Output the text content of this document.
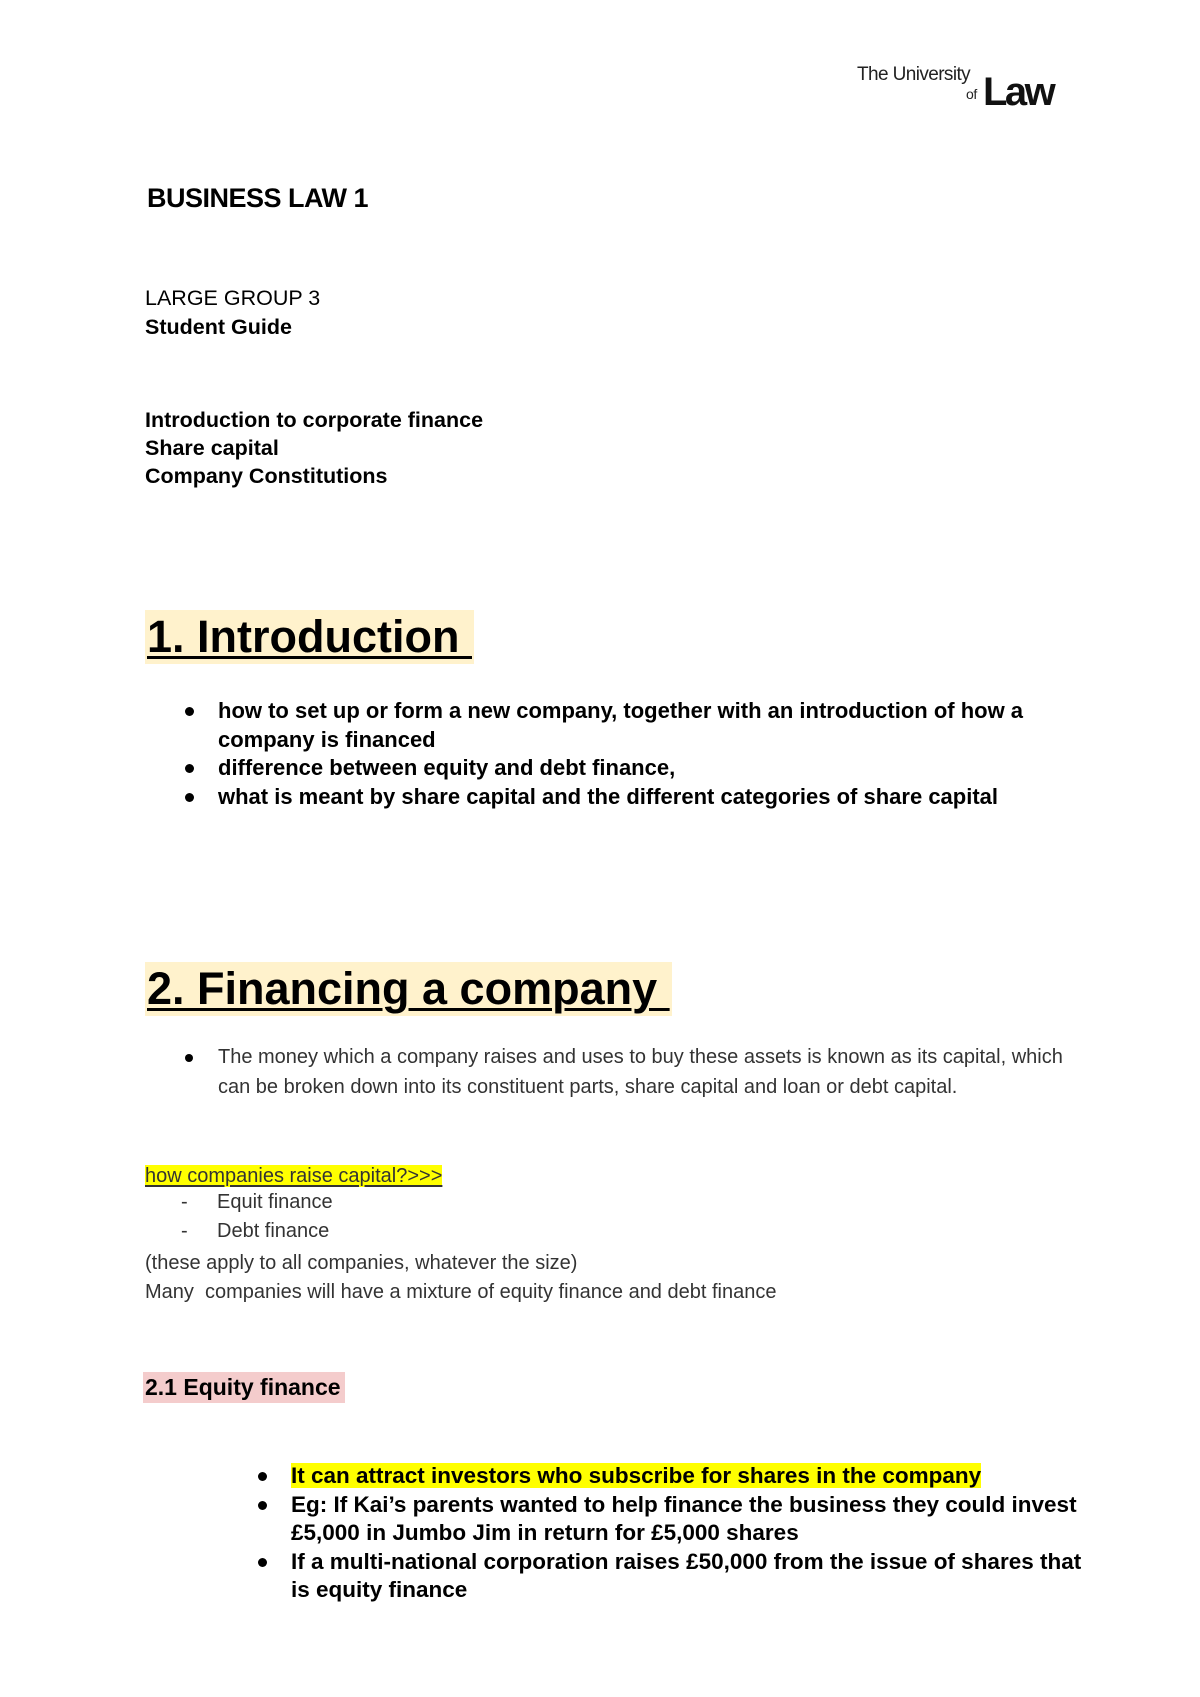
The University
of Law
BUSINESS LAW 1
LARGE GROUP 3
Student Guide
Introduction to corporate finance
Share capital
Company Constitutions
1. Introduction
how to set up or form a new company, together with an introduction of how a company is financed
difference between equity and debt finance,
what is meant by share capital and the different categories of share capital
2. Financing a company
The money which a company raises and uses to buy these assets is known as its capital, which can be broken down into its constituent parts, share capital and loan or debt capital.
how companies raise capital?>>>
- Equit finance
- Debt finance
(these apply to all companies, whatever the size)
Many  companies will have a mixture of equity finance and debt finance
2.1 Equity finance
It can attract investors who subscribe for shares in the company
Eg: If Kai’s parents wanted to help finance the business they could invest £5,000 in Jumbo Jim in return for £5,000 shares
If a multi-national corporation raises £50,000 from the issue of shares that is equity finance
